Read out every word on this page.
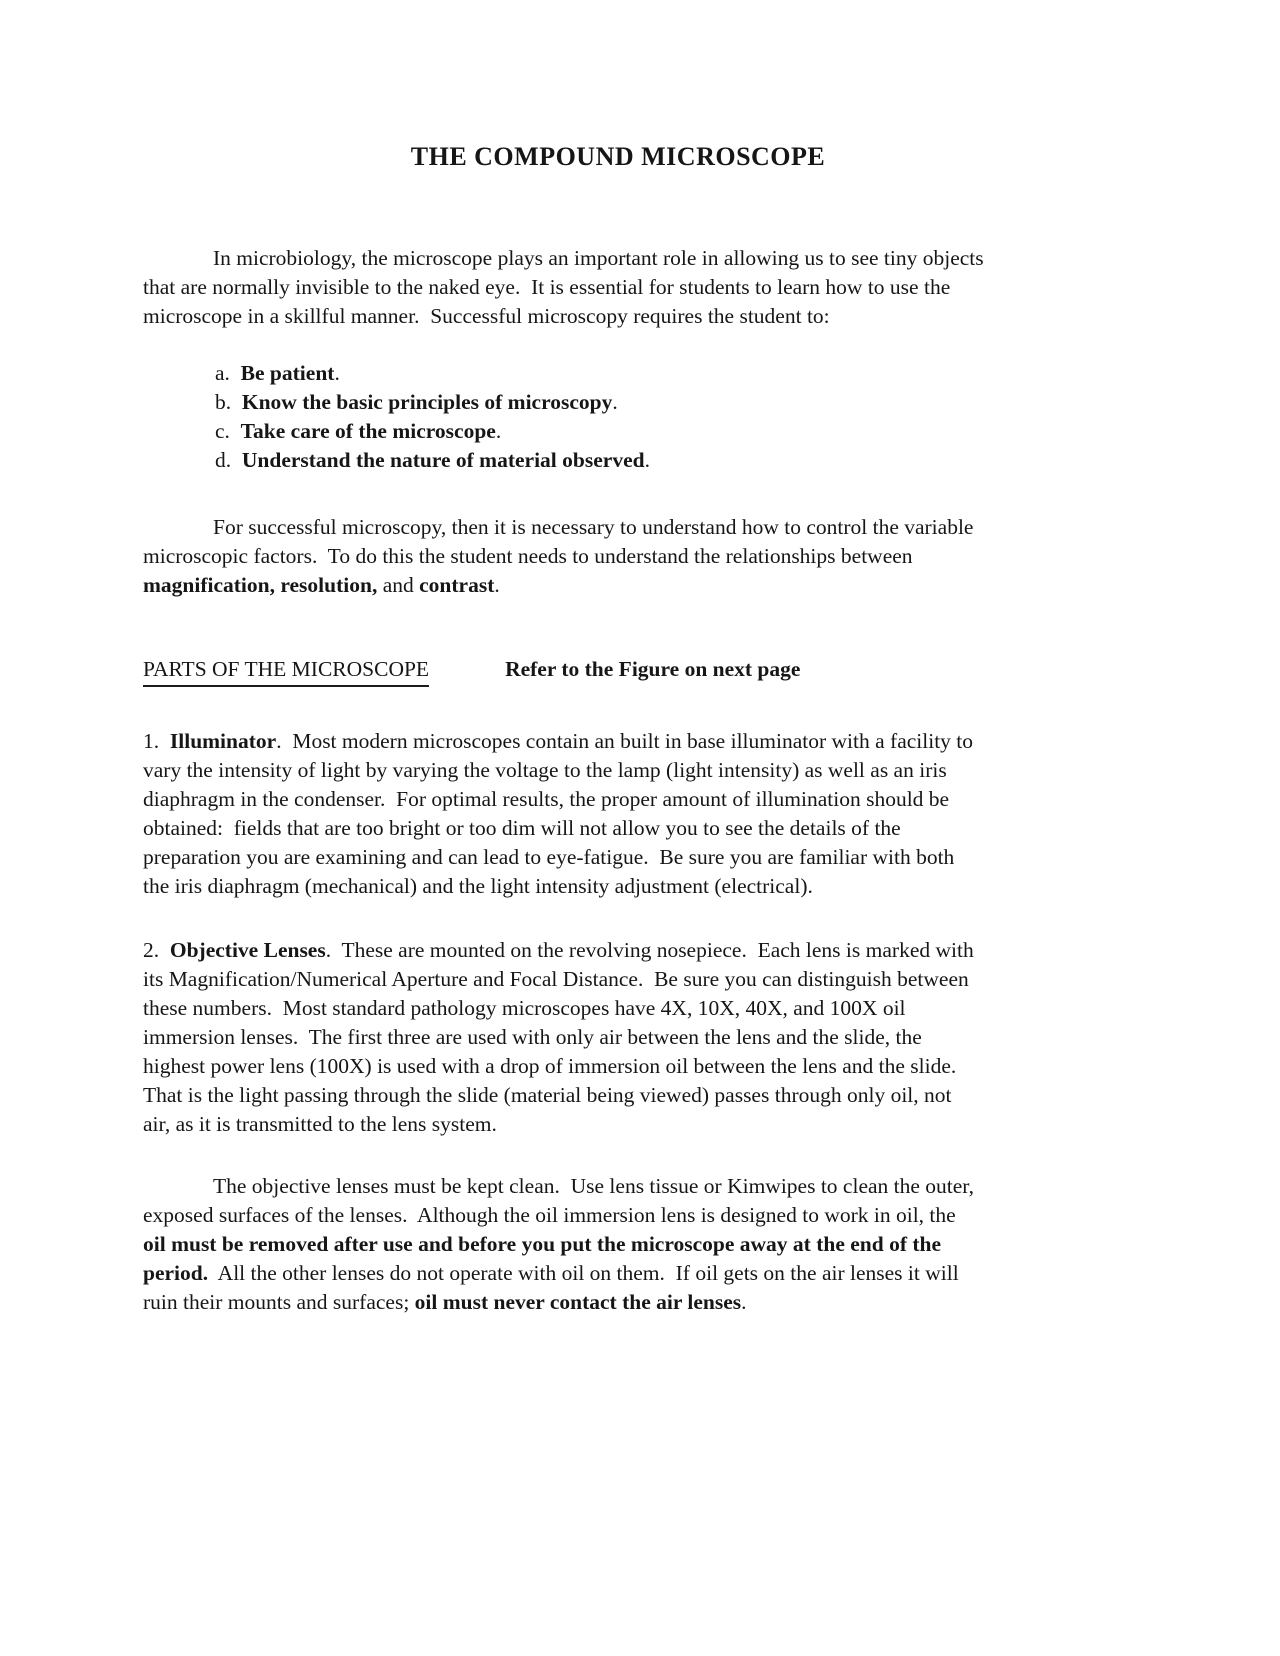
THE COMPOUND MICROSCOPE
In microbiology, the microscope plays an important role in allowing us to see tiny objects
that are normally invisible to the naked eye.  It is essential for students to learn how to use the
microscope in a skillful manner.  Successful microscopy requires the student to:
a.  Be patient.
b.  Know the basic principles of microscopy.
c.  Take care of the microscope.
d.  Understand the nature of material observed.
For successful microscopy, then it is necessary to understand how to control the variable
microscopic factors.  To do this the student needs to understand the relationships between
magnification, resolution, and contrast.
PARTS OF THE MICROSCOPE	Refer to the Figure on next page
1.  Illuminator.  Most modern microscopes contain an built in base illuminator with a facility to
vary the intensity of light by varying the voltage to the lamp (light intensity) as well as an iris
diaphragm in the condenser.  For optimal results, the proper amount of illumination should be
obtained:  fields that are too bright or too dim will not allow you to see the details of the
preparation you are examining and can lead to eye-fatigue.  Be sure you are familiar with both
the iris diaphragm (mechanical) and the light intensity adjustment (electrical).
2.  Objective Lenses.  These are mounted on the revolving nosepiece.  Each lens is marked with
its Magnification/Numerical Aperture and Focal Distance.  Be sure you can distinguish between
these numbers.  Most standard pathology microscopes have 4X, 10X, 40X, and 100X oil
immersion lenses.  The first three are used with only air between the lens and the slide, the
highest power lens (100X) is used with a drop of immersion oil between the lens and the slide.
That is the light passing through the slide (material being viewed) passes through only oil, not
air, as it is transmitted to the lens system.
The objective lenses must be kept clean.  Use lens tissue or Kimwipes to clean the outer,
exposed surfaces of the lenses.  Although the oil immersion lens is designed to work in oil, the
oil must be removed after use and before you put the microscope away at the end of the
period.  All the other lenses do not operate with oil on them.  If oil gets on the air lenses it will
ruin their mounts and surfaces; oil must never contact the air lenses.
